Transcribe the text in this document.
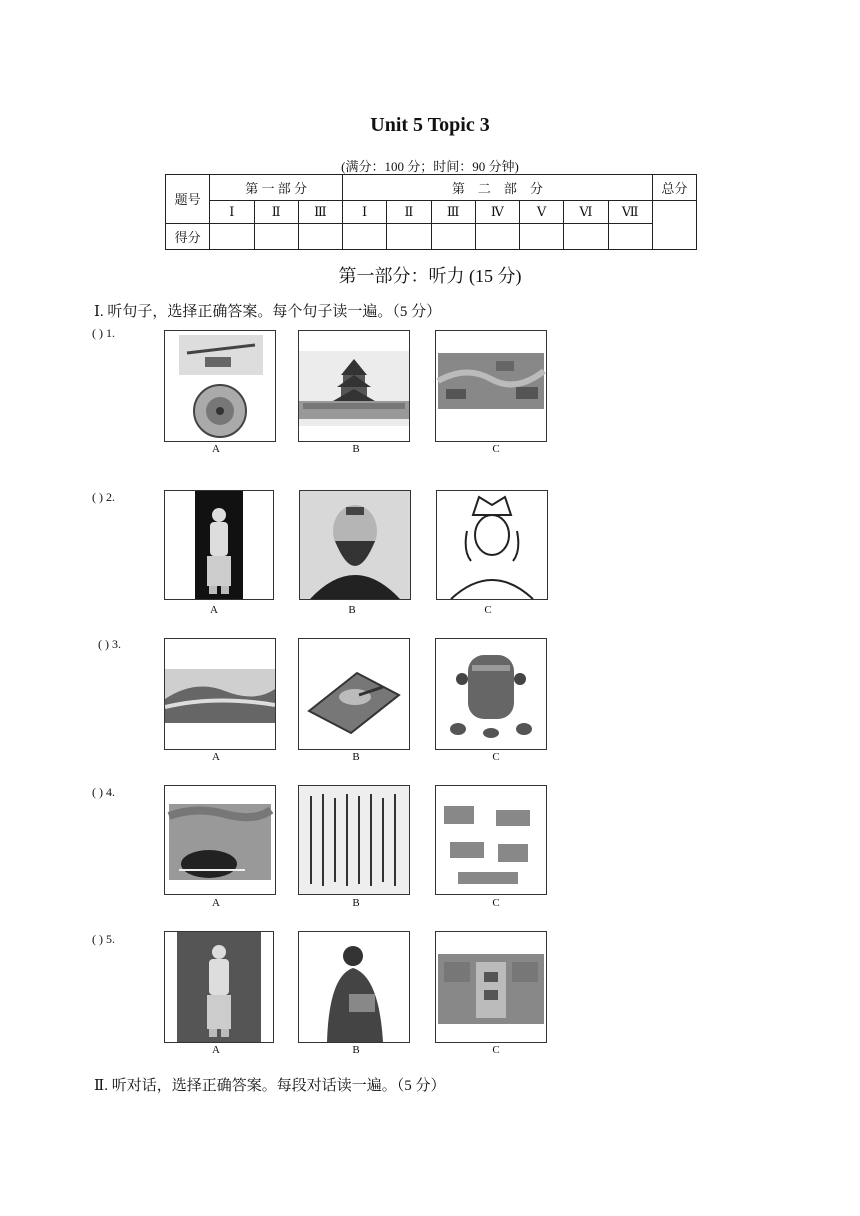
Unit 5 Topic 3
(满分：100 分；时间：90 分钟)
题号	第 一 部 分			第　二　部　分							总分
	Ⅰ	Ⅱ	Ⅲ	Ⅰ	Ⅱ	Ⅲ	Ⅳ	Ⅴ	Ⅵ	Ⅶ	
得分											
第一部分：听力 (15 分)
Ⅰ. 听句子，选择正确答案。每个句子读一遍。（5 分）
( ) 1.
A	B	C
( ) 2.
A	B	C
( ) 3.
A	B	C
( ) 4.
A	B	C
( ) 5.
A	B	C
Ⅱ. 听对话，选择正确答案。每段对话读一遍。（5 分）
